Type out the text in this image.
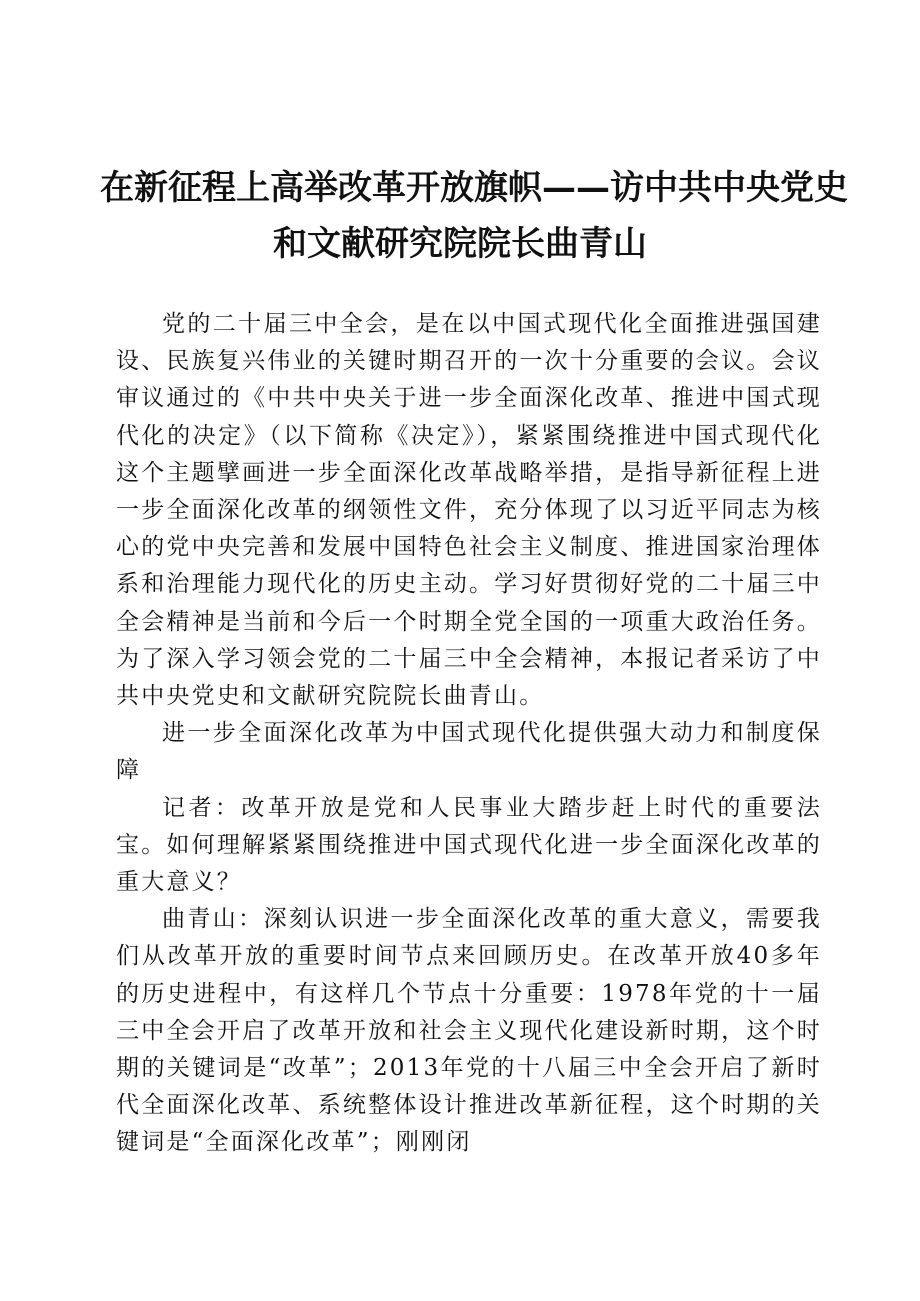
在新征程上高举改革开放旗帜——访中共中央党史
和文献研究院院长曲青山

党的二十届三中全会，是在以中国式现代化全面推进强国建设、民族复兴伟业的关键时期召开的一次十分重要的会议。会议审议通过的《中共中央关于进一步全面深化改革、推进中国式现代化的决定》（以下简称《决定》），紧紧围绕推进中国式现代化这个主题擘画进一步全面深化改革战略举措，是指导新征程上进一步全面深化改革的纲领性文件，充分体现了以习近平同志为核心的党中央完善和发展中国特色社会主义制度、推进国家治理体系和治理能力现代化的历史主动。学习好贯彻好党的二十届三中全会精神是当前和今后一个时期全党全国的一项重大政治任务。为了深入学习领会党的二十届三中全会精神，本报记者采访了中共中央党史和文献研究院院长曲青山。

进一步全面深化改革为中国式现代化提供强大动力和制度保障

记者：改革开放是党和人民事业大踏步赶上时代的重要法宝。如何理解紧紧围绕推进中国式现代化进一步全面深化改革的重大意义？

曲青山：深刻认识进一步全面深化改革的重大意义，需要我们从改革开放的重要时间节点来回顾历史。在改革开放40多年的历史进程中，有这样几个节点十分重要：1978年党的十一届三中全会开启了改革开放和社会主义现代化建设新时期，这个时期的关键词是“改革”；2013年党的十八届三中全会开启了新时代全面深化改革、系统整体设计推进改革新征程，这个时期的关键词是“全面深化改革”；刚刚闭
